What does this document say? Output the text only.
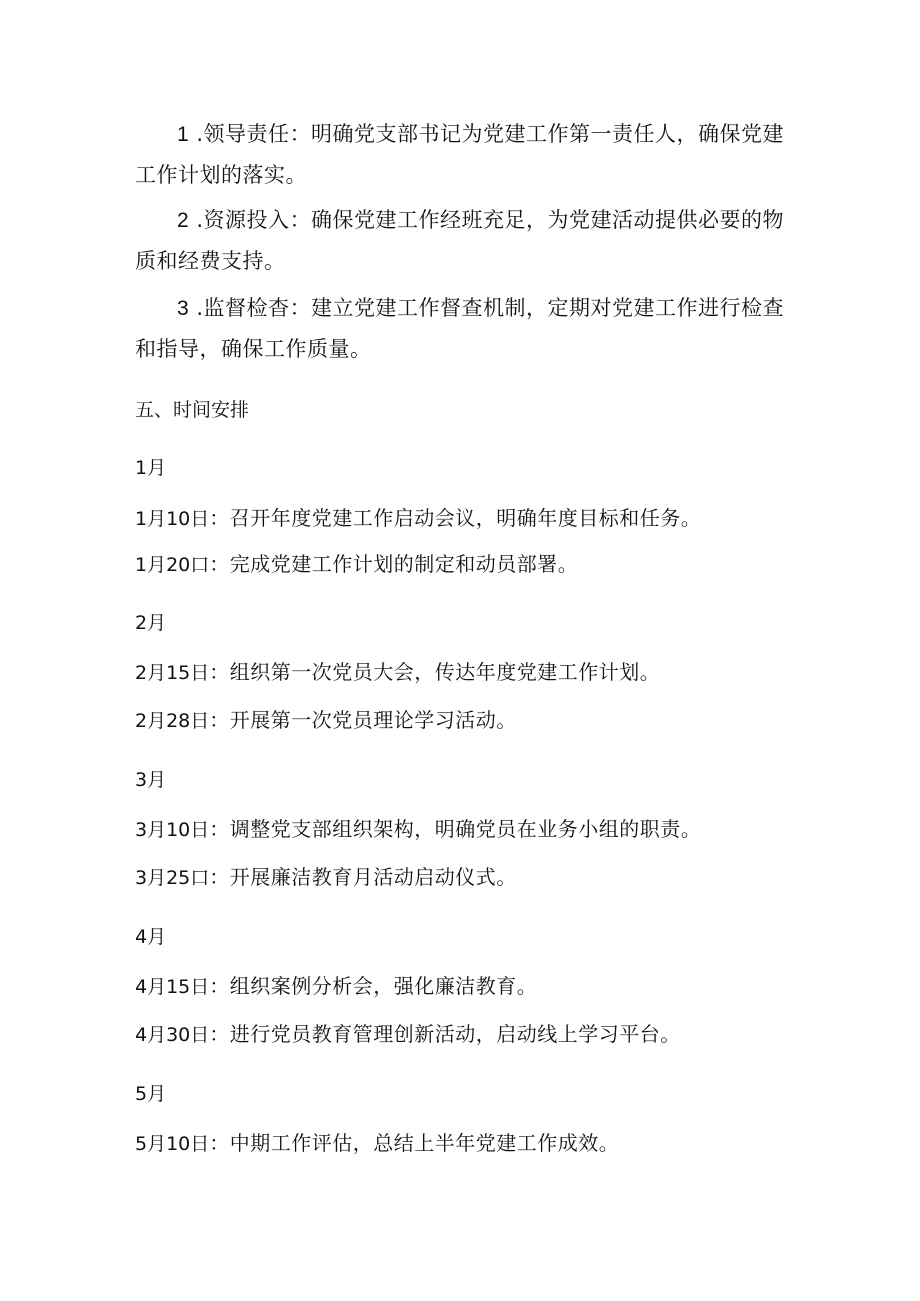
1 .领导责任：明确党支部书记为党建工作第一责任人，确保党建工作计划的落实。

2 .资源投入：确保党建工作经班充足，为党建活动提供必要的物质和经费支持。

3 .监督检杳：建立党建工作督查机制，定期对党建工作进行检查和指导，确保工作质量。

五、时间安排

1月

1月10日：召开年度党建工作启动会议，明确年度目标和任务。

1月20口：完成党建工作计划的制定和动员部署。

2月

2月15日：组织第一次党员大会，传达年度党建工作计划。

2月28日：开展第一次党员理论学习活动。

3月

3月10日：调整党支部组织架构，明确党员在业务小组的职责。

3月25口：开展廉洁教育月活动启动仪式。

4月

4月15日：组织案例分析会，强化廉洁教育。

4月30日：进行党员教育管理创新活动，启动线上学习平台。

5月

5月10日：中期工作评估，总结上半年党建工作成效。
